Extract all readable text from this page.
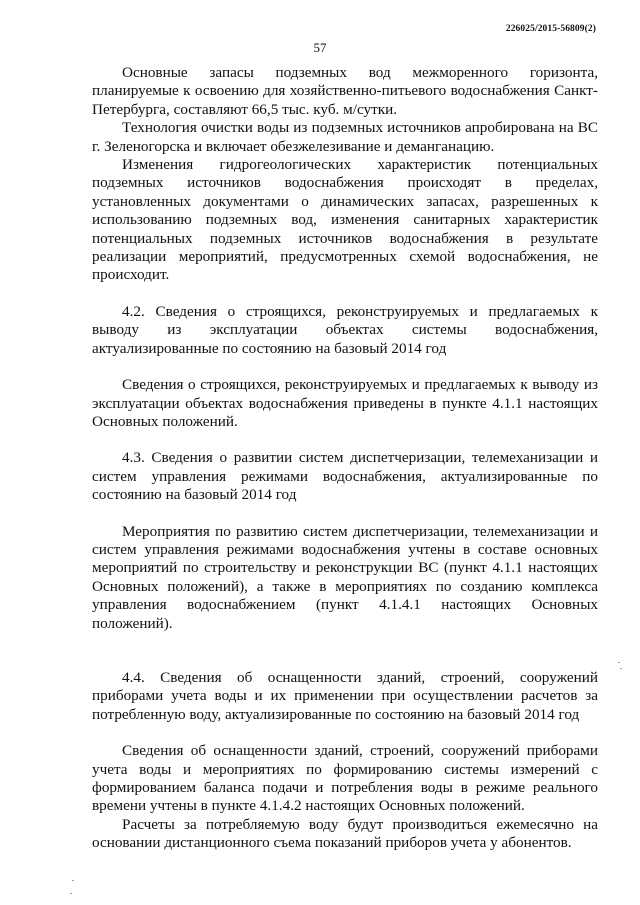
226025/2015-56809(2)
57

Основные запасы подземных вод межморенного горизонта, планируемые к освоению для хозяйственно-питьевого водоснабжения Санкт-Петербурга, составляют 66,5 тыс. куб. м/сутки.

Технология очистки воды из подземных источников апробирована на ВС г. Зеленогорска и включает обезжелезивание и деманганацию.

Изменения гидрогеологических характеристик потенциальных подземных источников водоснабжения происходят в пределах, установленных документами о динамических запасах, разрешенных к использованию подземных вод, изменения санитарных характеристик потенциальных подземных источников водоснабжения в результате реализации мероприятий, предусмотренных схемой водоснабжения, не происходит.

4.2. Сведения о строящихся, реконструируемых и предлагаемых к выводу из эксплуатации объектах системы водоснабжения, актуализированные по состоянию на базовый 2014 год

Сведения о строящихся, реконструируемых и предлагаемых к выводу из эксплуатации объектах водоснабжения приведены в пункте 4.1.1 настоящих Основных положений.

4.3. Сведения о развитии систем диспетчеризации, телемеханизации и систем управления режимами водоснабжения, актуализированные по состоянию на базовый 2014 год

Мероприятия по развитию систем диспетчеризации, телемеханизации и систем управления режимами водоснабжения учтены в составе основных мероприятий по строительству и реконструкции ВС (пункт 4.1.1 настоящих Основных положений), а также в мероприятиях по созданию комплекса управления водоснабжением (пункт 4.1.4.1 настоящих Основных положений).

4.4. Сведения об оснащенности зданий, строений, сооружений приборами учета воды и их применении при осуществлении расчетов за потребленную воду, актуализированные по состоянию на базовый 2014 год

Сведения об оснащенности зданий, строений, сооружений приборами учета воды и мероприятиях по формированию системы измерений с формированием баланса подачи и потребления воды в режиме реального времени учтены в пункте 4.1.4.2 настоящих Основных положений.

Расчеты за потребляемую воду будут производиться ежемесячно на основании дистанционного съема показаний приборов учета у абонентов.
